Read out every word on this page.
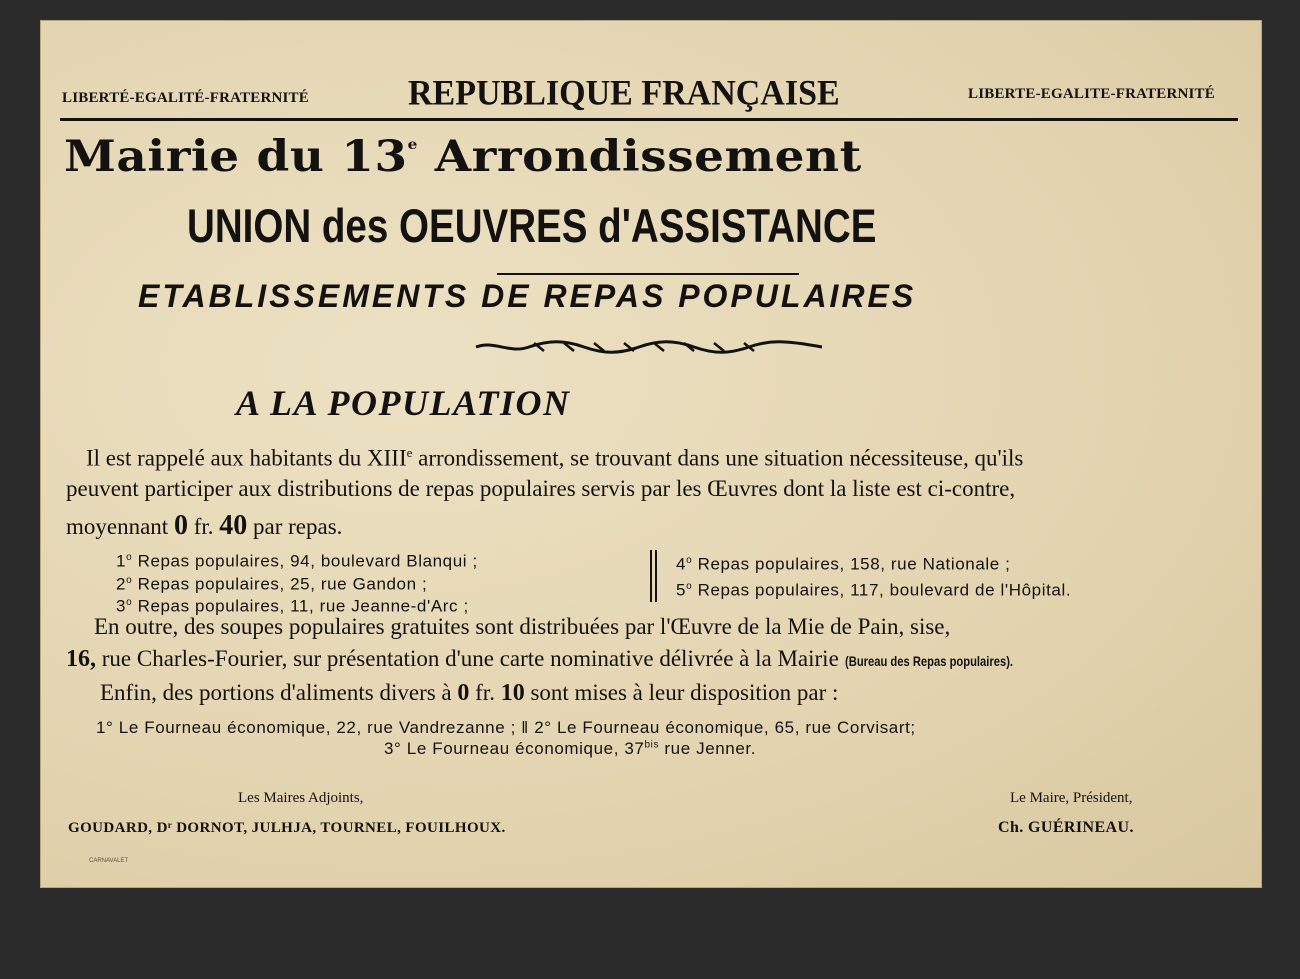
LIBERTÉ-EGALITÉ-FRATERNITÉ	REPUBLIQUE FRANÇAISE	LIBERTE-EGALITE-FRATERNITÉ
Mairie du 13e Arrondissement
UNION des OEUVRES d'ASSISTANCE
ETABLISSEMENTS DE REPAS POPULAIRES
A LA POPULATION
Il est rappelé aux habitants du XIIIe arrondissement, se trouvant dans une situation nécessiteuse, qu'ils
peuvent participer aux distributions de repas populaires servis par les Œuvres dont la liste est ci-contre,
moyennant 0 fr. 40 par repas.
1$^o$ Repas populaires, 94, boulevard Blanqui ;
2$^o$ Repas populaires, 25, rue Gandon ;
3$^o$ Repas populaires, 11, rue Jeanne-d'Arc ;
4$^o$ Repas populaires, 158, rue Nationale ;
5$^o$ Repas populaires, 117, boulevard de l'Hôpital.
En outre, des soupes populaires gratuites sont distribuées par l'Œuvre de la Mie de Pain, sise,
16, rue Charles-Fourier, sur présentation d'une carte nominative délivrée à la Mairie (Bureau des Repas populaires).
Enfin, des portions d'aliments divers à 0 fr. 10 sont mises à leur disposition par :
1° Le Fourneau économique, 22, rue Vandrezanne ; ‖ 2° Le Fourneau économique, 65, rue Corvisart;
3° Le Fourneau économique, $37^{bis}$ rue Jenner.
Les Maires Adjoints,
GOUDARD, Dʳ DORNOT, JULHJA, TOURNEL, FOUILHOUX.
Le Maire, Président,
Ch. GUÉRINEAU.
CARNAVALET
